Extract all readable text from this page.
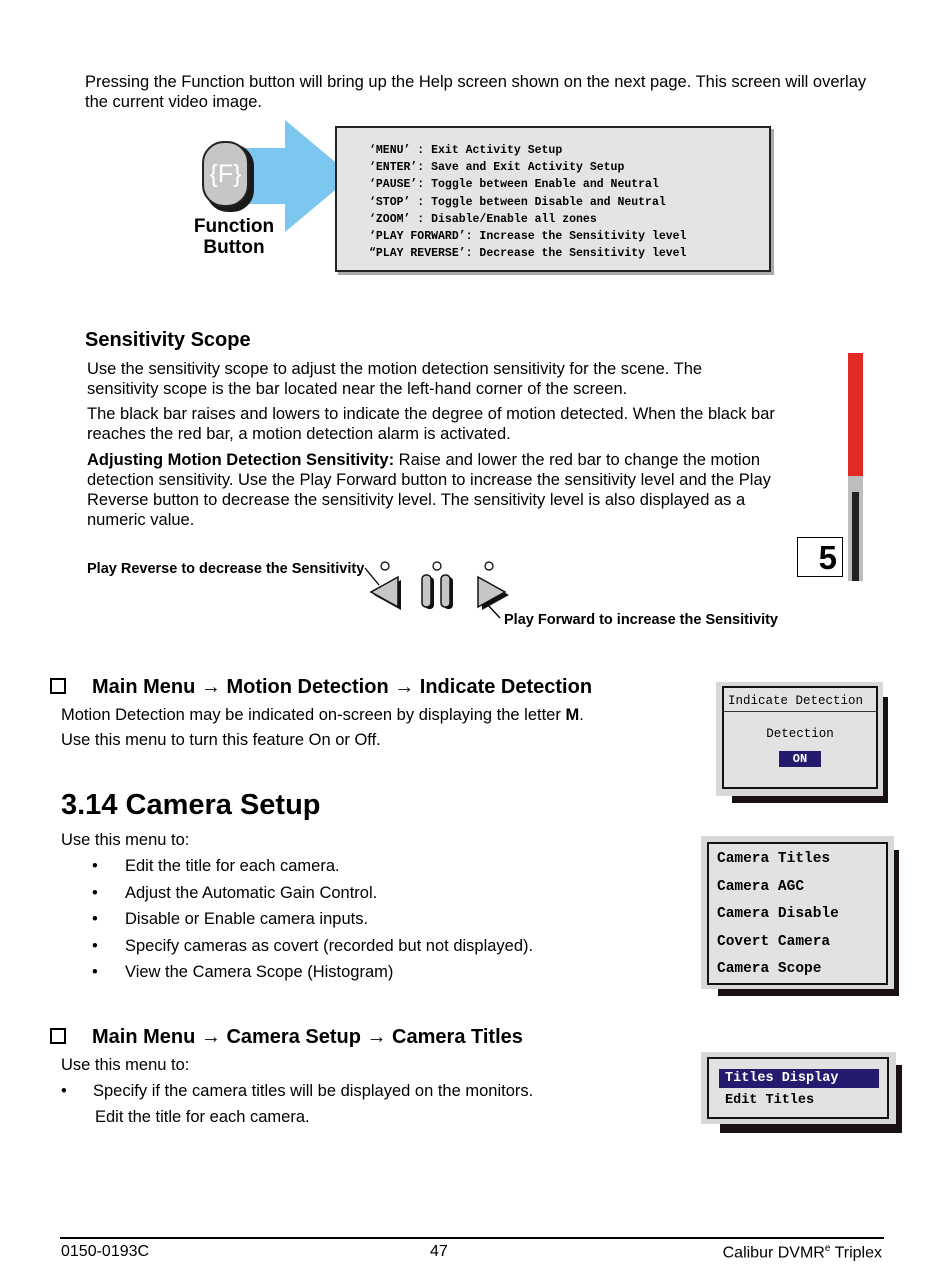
Pressing the Function button will bring up the Help screen shown on the next page. This screen will overlay the current video image.

{F}
Function
Button
‘MENU’ : Exit Activity Setup
‘ENTER’: Save and Exit Activity Setup
‘PAUSE’: Toggle between Enable and Neutral
‘STOP’ : Toggle between Disable and Neutral
‘ZOOM’ : Disable/Enable all zones
‘PLAY FORWARD’: Increase the Sensitivity level
“PLAY REVERSE’: Decrease the Sensitivity level
Sensitivity Scope

Use the sensitivity scope to adjust the motion detection sensitivity for the scene. The sensitivity scope is the bar located near the left-hand corner of the screen.

The black bar raises and lowers to indicate the degree of motion detected. When the black bar reaches the red bar, a motion detection alarm is activated.

Adjusting Motion Detection Sensitivity: Raise and lower the red bar to change the motion detection sensitivity. Use the Play Forward button to increase the sensitivity level and the Play Reverse button to decrease the sensitivity level. The sensitivity level is also displayed as a numeric value.

5
Play Reverse to decrease the Sensitivity
Play Forward to increase the Sensitivity
Main Menu → Motion Detection → Indicate Detection

Motion Detection may be indicated on-screen by displaying the letter M.

Use this menu to turn this feature On or Off.

Indicate Detection
Detection
ON
3.14 Camera Setup

Use this menu to:

• Edit the title for each camera.
• Adjust the Automatic Gain Control.
• Disable or Enable camera inputs.
• Specify cameras as covert (recorded but not displayed).
• View the Camera Scope (Histogram)
Camera Titles
Camera AGC
Camera Disable
Covert Camera
Camera Scope
Main Menu → Camera Setup → Camera Titles

Use this menu to:

• Specify if the camera titles will be displayed on the monitors.

Edit the title for each camera.

Titles Display
Edit Titles
0150-0193C	47	Calibur DVMR$^e$ Triplex
